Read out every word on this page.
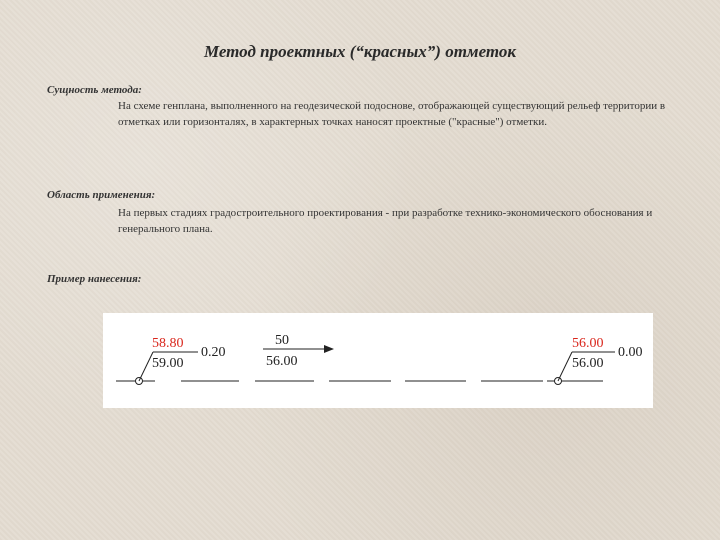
Метод проектных (“красных”) отметок
Сущность метода:
На схеме генплана, выполненного на геодезической подоснове, отображающей существующий рельеф территории в отметках или горизонталях, в характерных точках наносят проектные ("красные") отметки.
Область применения:
На первых стадиях градостроительного проектирования - при разработке технико-экономического обоснования и генерального плана.
Пример нанесения:
58.80
59.00
0.20
50
56.00
56.00
56.00
0.00
